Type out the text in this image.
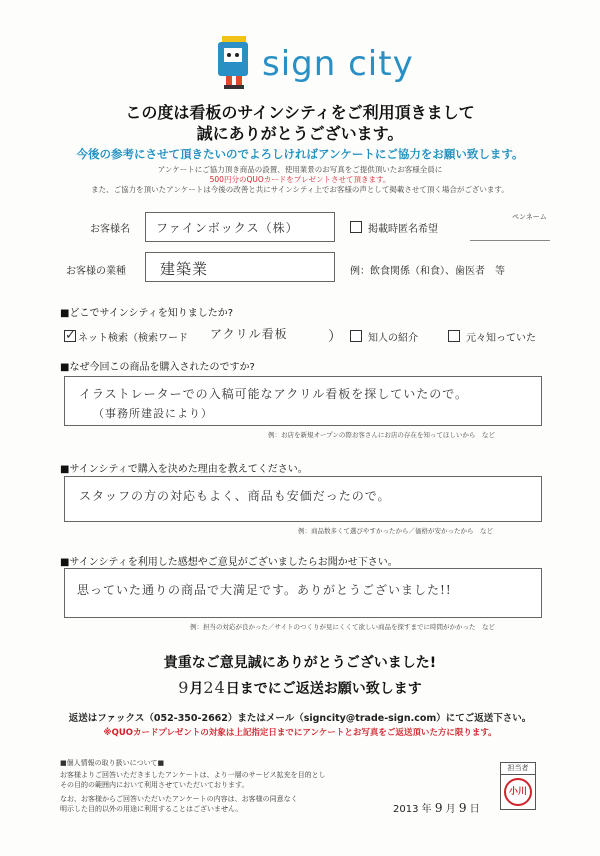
sign city
この度は看板のサインシティをご利用頂きまして
誠にありがとうございます。
今後の参考にさせて頂きたいのでよろしければアンケートにご協力をお願い致します。
アンケートにご協力頂き商品の設置、使用業景のお写真をご提供頂いたお客様全員に
500円分のQUOカードをプレゼントさせて頂きます。
また、ご協力を頂いたアンケートは今後の改善と共にサインシティ上でお客様の声として掲載させて頂く場合がございます。
お客様名 ファインボックス（株）	掲載時匿名希望
ペンネーム
お客様の業種 建築業	例：飲食関係（和食）、歯医者　等
■どこでサインシティを知りましたか?
✓ ネット検索（検索ワード アクリル看板	）	知人の紹介	元々知っていた
■なぜ今回この商品を購入されたのですか?
イラストレーターでの入稿可能なアクリル看板を探していたので。
（事務所建設により）
例：お店を新規オープンの際お客さんにお店の存在を知ってほしいから　など
■サインシティで購入を決めた理由を教えてください。
スタッフの方の対応もよく、商品も安価だったので。
例：商品数多くて選びやすかったから／価格が安かったから　など
■サインシティを利用した感想やご意見がございましたらお聞かせ下さい。
思っていた通りの商品で大満足です。ありがとうございました!!
例：担当の対応が良かった／サイトのつくりが見にくくて欲しい商品を探すまでに時間がかかった　など
貴重なご意見誠にありがとうございました!
9月24日までにご返送お願い致します
返送はファックス（052-350-2662）またはメール（signcity@trade-sign.com）にてご返送下さい。
※QUOカードプレゼントの対象は上記指定日までにアンケートとお写真をご返送頂いた方に限ります。
■個人情報の取り扱いについて■
お客様よりご回答いただきましたアンケートは、より一層のサービス拡充を目的とし
その目的の範囲内において利用させていただいております。
なお、お客様からご回答いただいたアンケートの内容は、お客様の同意なく
明示した目的以外の用途に利用することはございません。
担当者
小川
2013 年 9 月 9 日
